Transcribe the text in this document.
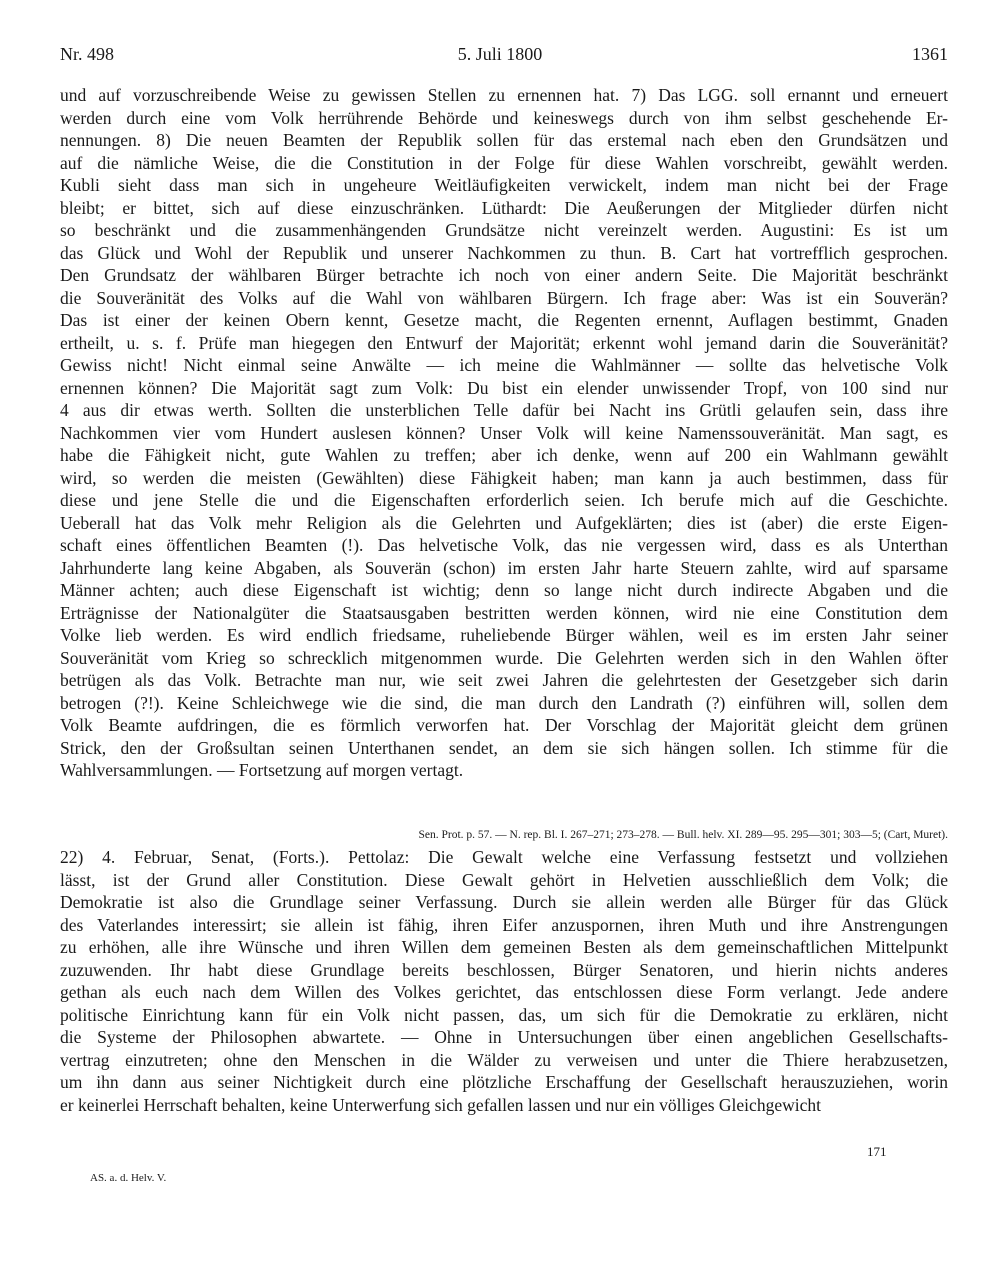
Nr. 498	5. Juli 1800	1361
und auf vorzuschreibende Weise zu gewissen Stellen zu ernennen hat. 7) Das LGG. soll ernannt und erneuert
werden durch eine vom Volk herrührende Behörde und keineswegs durch von ihm selbst geschehende Er-
nennungen. 8) Die neuen Beamten der Republik sollen für das erstemal nach eben den Grundsätzen und
auf die nämliche Weise, die die Constitution in der Folge für diese Wahlen vorschreibt, gewählt werden.
Kubli sieht dass man sich in ungeheure Weitläufigkeiten verwickelt, indem man nicht bei der Frage
bleibt; er bittet, sich auf diese einzuschränken. Lüthardt: Die Aeußerungen der Mitglieder dürfen nicht
so beschränkt und die zusammenhängenden Grundsätze nicht vereinzelt werden. Augustini: Es ist um
das Glück und Wohl der Republik und unserer Nachkommen zu thun. B. Cart hat vortrefflich gesprochen.
Den Grundsatz der wählbaren Bürger betrachte ich noch von einer andern Seite. Die Majorität beschränkt
die Souveränität des Volks auf die Wahl von wählbaren Bürgern. Ich frage aber: Was ist ein Souverän?
Das ist einer der keinen Obern kennt, Gesetze macht, die Regenten ernennt, Auflagen bestimmt, Gnaden
ertheilt, u. s. f. Prüfe man hiegegen den Entwurf der Majorität; erkennt wohl jemand darin die Souveränität?
Gewiss nicht! Nicht einmal seine Anwälte — ich meine die Wahlmänner — sollte das helvetische Volk
ernennen können? Die Majorität sagt zum Volk: Du bist ein elender unwissender Tropf, von 100 sind nur
4 aus dir etwas werth. Sollten die unsterblichen Telle dafür bei Nacht ins Grütli gelaufen sein, dass ihre
Nachkommen vier vom Hundert auslesen können? Unser Volk will keine Namenssouveränität. Man sagt, es
habe die Fähigkeit nicht, gute Wahlen zu treffen; aber ich denke, wenn auf 200 ein Wahlmann gewählt
wird, so werden die meisten (Gewählten) diese Fähigkeit haben; man kann ja auch bestimmen, dass für
diese und jene Stelle die und die Eigenschaften erforderlich seien. Ich berufe mich auf die Geschichte.
Ueberall hat das Volk mehr Religion als die Gelehrten und Aufgeklärten; dies ist (aber) die erste Eigen-
schaft eines öffentlichen Beamten (!). Das helvetische Volk, das nie vergessen wird, dass es als Unterthan
Jahrhunderte lang keine Abgaben, als Souverän (schon) im ersten Jahr harte Steuern zahlte, wird auf sparsame
Männer achten; auch diese Eigenschaft ist wichtig; denn so lange nicht durch indirecte Abgaben und die
Erträgnisse der Nationalgüter die Staatsausgaben bestritten werden können, wird nie eine Constitution dem
Volke lieb werden. Es wird endlich friedsame, ruheliebende Bürger wählen, weil es im ersten Jahr seiner
Souveränität vom Krieg so schrecklich mitgenommen wurde. Die Gelehrten werden sich in den Wahlen öfter
betrügen als das Volk. Betrachte man nur, wie seit zwei Jahren die gelehrtesten der Gesetzgeber sich darin
betrogen (?!). Keine Schleichwege wie die sind, die man durch den Landrath (?) einführen will, sollen dem
Volk Beamte aufdringen, die es förmlich verworfen hat. Der Vorschlag der Majorität gleicht dem grünen
Strick, den der Großsultan seinen Unterthanen sendet, an dem sie sich hängen sollen. Ich stimme für die
Wahlversammlungen. — Fortsetzung auf morgen vertagt.
Sen. Prot. p. 57. — N. rep. Bl. I. 267–271; 273–278. — Bull. helv. XI. 289—95. 295—301; 303—5; (Cart, Muret).
22) 4. Februar, Senat, (Forts.). Pettolaz: Die Gewalt welche eine Verfassung festsetzt und vollziehen
lässt, ist der Grund aller Constitution. Diese Gewalt gehört in Helvetien ausschließlich dem Volk; die
Demokratie ist also die Grundlage seiner Verfassung. Durch sie allein werden alle Bürger für das Glück
des Vaterlandes interessirt; sie allein ist fähig, ihren Eifer anzuspornen, ihren Muth und ihre Anstrengungen
zu erhöhen, alle ihre Wünsche und ihren Willen dem gemeinen Besten als dem gemeinschaftlichen Mittelpunkt
zuzuwenden. Ihr habt diese Grundlage bereits beschlossen, Bürger Senatoren, und hierin nichts anderes
gethan als euch nach dem Willen des Volkes gerichtet, das entschlossen diese Form verlangt. Jede andere
politische Einrichtung kann für ein Volk nicht passen, das, um sich für die Demokratie zu erklären, nicht
die Systeme der Philosophen abwartete. — Ohne in Untersuchungen über einen angeblichen Gesellschafts-
vertrag einzutreten; ohne den Menschen in die Wälder zu verweisen und unter die Thiere herabzusetzen,
um ihn dann aus seiner Nichtigkeit durch eine plötzliche Erschaffung der Gesellschaft herauszuziehen, worin
er keinerlei Herrschaft behalten, keine Unterwerfung sich gefallen lassen und nur ein völliges Gleichgewicht
171
AS. a. d. Helv. V.
